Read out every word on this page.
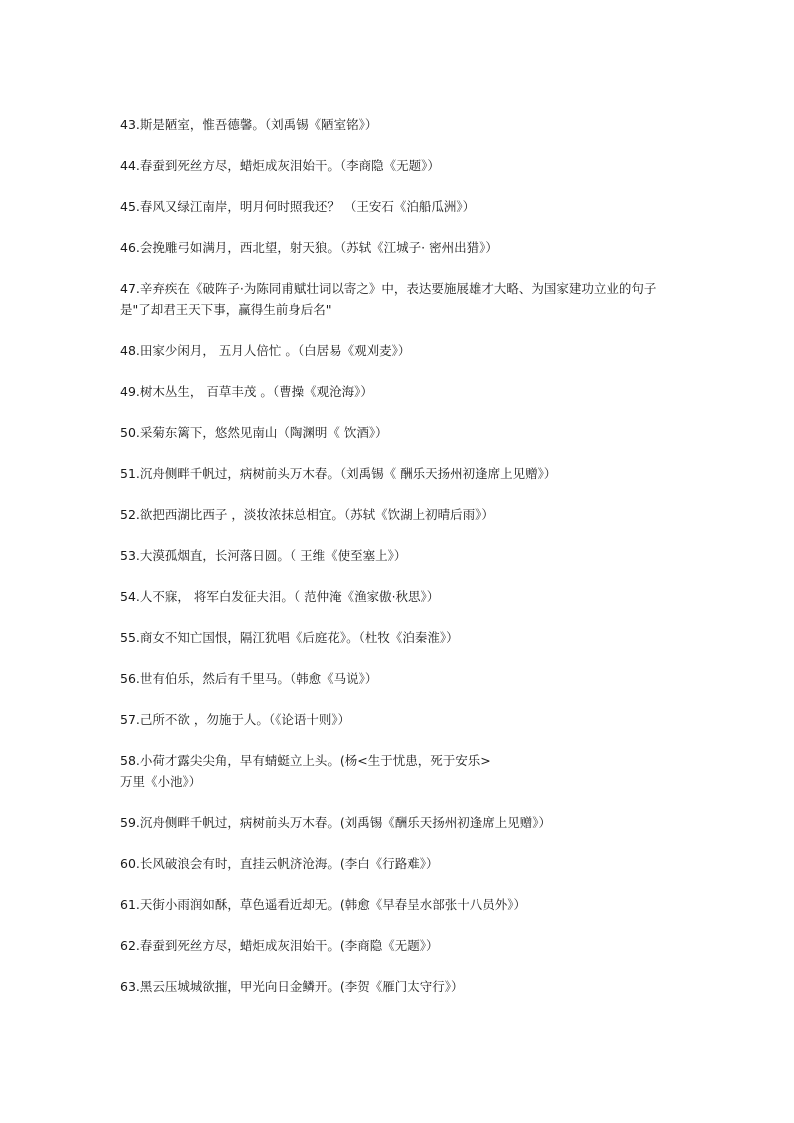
43.斯是陋室，惟吾德馨。（刘禹锡《陋室铭》）
44.春蚕到死丝方尽，蜡炬成灰泪始干。（李商隐《无题》）
45.春风又绿江南岸，明月何时照我还？ （王安石《泊船瓜洲》）
46.会挽雕弓如满月，西北望，射天狼。（苏轼《江城子· 密州出猎》）
47.辛弃疾在《破阵子·为陈同甫赋壮词以寄之》中，表达要施展雄才大略、为国家建功立业的句子是"了却君王天下事，赢得生前身后名"
48.田家少闲月， 五月人倍忙 。（白居易《观刈麦》）
49.树木丛生， 百草丰茂 。（曹操《观沧海》）
50.采菊东篱下，悠然见南山（陶渊明《 饮酒》）
51.沉舟侧畔千帆过，病树前头万木春。（刘禹锡《 酬乐天扬州初逢席上见赠》）
52.欲把西湖比西子 ，淡妆浓抹总相宜。（苏轼《饮湖上初晴后雨》）
53.大漠孤烟直，长河落日圆。（ 王维《使至塞上》）
54.人不寐， 将军白发征夫泪。（ 范仲淹《渔家傲·秋思》）
55.商女不知亡国恨，隔江犹唱《后庭花》。（杜牧《泊秦淮》）
56.世有伯乐，然后有千里马。（韩愈《马说》）
57.己所不欲 ，勿施于人。（《论语十则》）
58.小荷才露尖尖角，早有蜻蜓立上头。(杨<生于忧患，死于安乐>
万里《小池》）
59.沉舟侧畔千帆过，病树前头万木春。(刘禹锡《酬乐天扬州初逢席上见赠》）
60.长风破浪会有时，直挂云帆济沧海。(李白《行路难》）
61.天街小雨润如酥，草色遥看近却无。(韩愈《早春呈水部张十八员外》）
62.春蚕到死丝方尽，蜡炬成灰泪始干。(李商隐《无题》）
63.黑云压城城欲摧，甲光向日金鳞开。(李贺《雁门太守行》）
